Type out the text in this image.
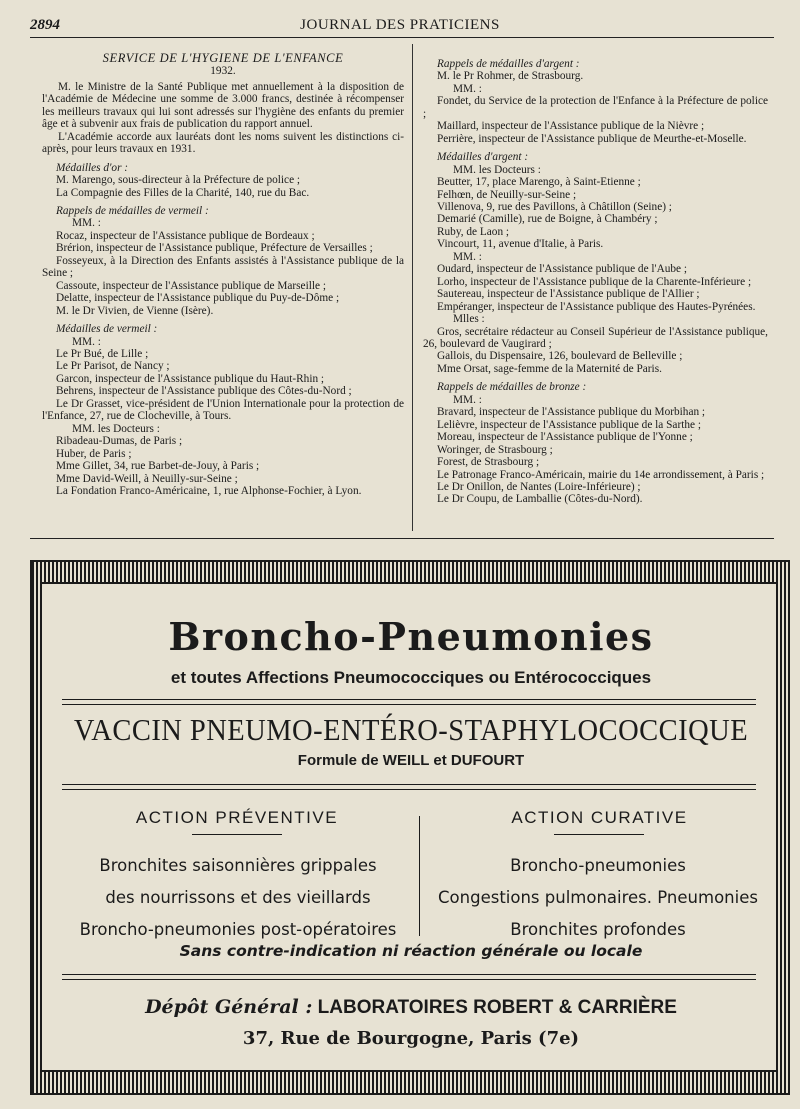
2894	JOURNAL DES PRATICIENS

SERVICE DE L'HYGIENE DE L'ENFANCE

1932.

M. le Ministre de la Santé Publique met annuellement à la disposition de l'Académie de Médecine une somme de 3.000 francs, destinée à récompenser les meilleurs travaux qui lui sont adressés sur l'hygiène des enfants du premier âge et à subvenir aux frais de publication du rapport annuel.

L'Académie accorde aux lauréats dont les noms suivent les distinctions ci-après, pour leurs travaux en 1931.

Médailles d'or :

M. Marengo, sous-directeur à la Préfecture de police ;

La Compagnie des Filles de la Charité, 140, rue du Bac.

Rappels de médailles de vermeil :

MM. :

Rocaz, inspecteur de l'Assistance publique de Bordeaux ;

Brérion, inspecteur de l'Assistance publique, Préfecture de Versailles ;

Fosseyeux, à la Direction des Enfants assistés à l'Assistance publique de la Seine ;

Cassoute, inspecteur de l'Assistance publique de Marseille ;

Delatte, inspecteur de l'Assistance publique du Puy-de-Dôme ;

M. le Dr Vivien, de Vienne (Isère).

Médailles de vermeil :

MM. :

Le Pr Bué, de Lille ;

Le Pr Parisot, de Nancy ;

Garcon, inspecteur de l'Assistance publique du Haut-Rhin ;

Behrens, inspecteur de l'Assistance publique des Côtes-du-Nord ;

Le Dr Grasset, vice-président de l'Union Internationale pour la protection de l'Enfance, 27, rue de Clocheville, à Tours.

MM. les Docteurs :

Ribadeau-Dumas, de Paris ;

Huber, de Paris ;

Mme Gillet, 34, rue Barbet-de-Jouy, à Paris ;

Mme David-Weill, à Neuilly-sur-Seine ;

La Fondation Franco-Américaine, 1, rue Alphonse-Fochier, à Lyon.

Rappels de médailles d'argent :

M. le Pr Rohmer, de Strasbourg.

MM. :

Fondet, du Service de la protection de l'Enfance à la Préfecture de police ;

Maillard, inspecteur de l'Assistance publique de la Nièvre ;

Perrière, inspecteur de l'Assistance publique de Meurthe-et-Moselle.

Médailles d'argent :

MM. les Docteurs :

Beutter, 17, place Marengo, à Saint-Etienne ;

Felhœn, de Neuilly-sur-Seine ;

Villenova, 9, rue des Pavillons, à Châtillon (Seine) ;

Demarié (Camille), rue de Boigne, à Chambéry ;

Ruby, de Laon ;

Vincourt, 11, avenue d'Italie, à Paris.

MM. :

Oudard, inspecteur de l'Assistance publique de l'Aube ;

Lorho, inspecteur de l'Assistance publique de la Charente-Inférieure ;

Sautereau, inspecteur de l'Assistance publique de l'Allier ;

Empéranger, inspecteur de l'Assistance publique des Hautes-Pyrénées.

Mlles :

Gros, secrétaire rédacteur au Conseil Supérieur de l'Assistance publique, 26, boulevard de Vaugirard ;

Gallois, du Dispensaire, 126, boulevard de Belleville ;

Mme Orsat, sage-femme de la Maternité de Paris.

Rappels de médailles de bronze :

MM. :

Bravard, inspecteur de l'Assistance publique du Morbihan ;

Lelièvre, inspecteur de l'Assistance publique de la Sarthe ;

Moreau, inspecteur de l'Assistance publique de l'Yonne ;

Woringer, de Strasbourg ;

Forest, de Strasbourg ;

Le Patronage Franco-Américain, mairie du 14e arrondissement, à Paris ;

Le Dr Onillon, de Nantes (Loire-Inférieure) ;

Le Dr Coupu, de Lamballie (Côtes-du-Nord).

Broncho-Pneumonies
et toutes Affections Pneumococciques ou Entérococciques
VACCIN PNEUMO-ENTÉRO-STAPHYLOCOCCIQUE
Formule de WEILL et DUFOURT
ACTION PRÉVENTIVE	ACTION CURATIVE
Bronchites saisonnières grippales
des nourrissons et des vieillards
Broncho-pneumonies post-opératoires
Broncho-pneumonies
Congestions pulmonaires. Pneumonies
Bronchites profondes
Sans contre-indication ni réaction générale ou locale
Dépôt Général : LABORATOIRES ROBERT & CARRIÈRE
37, Rue de Bourgogne, Paris (7e)
